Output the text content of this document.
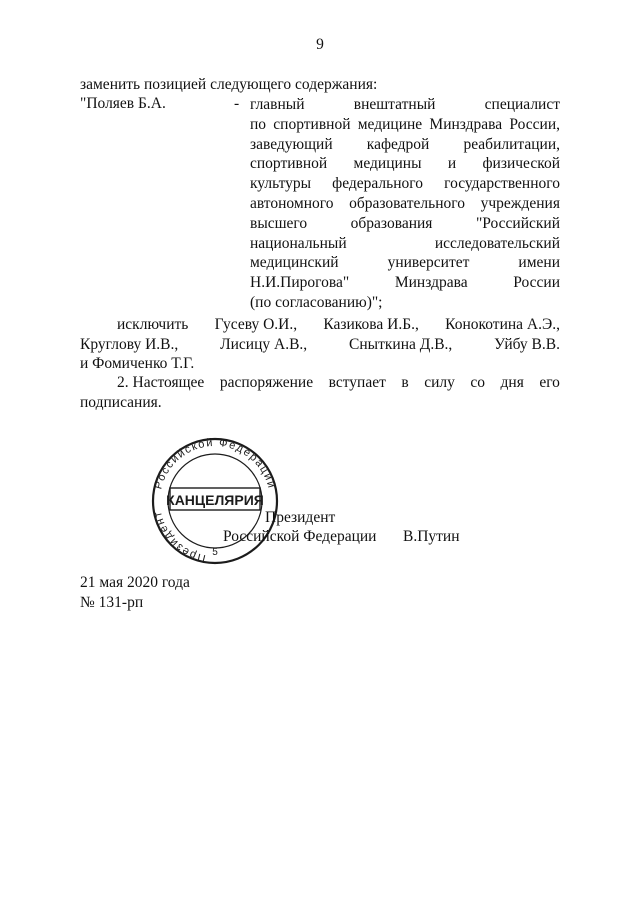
9
заменить позицией следующего содержания:
"Поляев Б.А.	- главный внештатный специалист
по спортивной медицине Минздрава России,
заведующий кафедрой реабилитации,
спортивной медицины и физической
культуры федерального государственного
автономного образовательного учреждения
высшего образования "Российский
национальный исследовательский
медицинский университет имени
Н.И.Пирогова" Минздрава России
(по согласованию)";
исключить Гусеву О.И., Казикова И.Б., Конокотина А.Э.,
Круглову И.В.,	Лисицу А.В.,	Сныткина Д.В.,	Уйбу В.В.
и Фомиченко Т.Г.
2. Настоящее распоряжение вступает в силу со дня его
подписания.
Российской Федерации
Президент
КАНЦЕЛЯРИЯ
5
Президент
Российской Федерации В.Путин
21 мая 2020 года
№ 131-рп
